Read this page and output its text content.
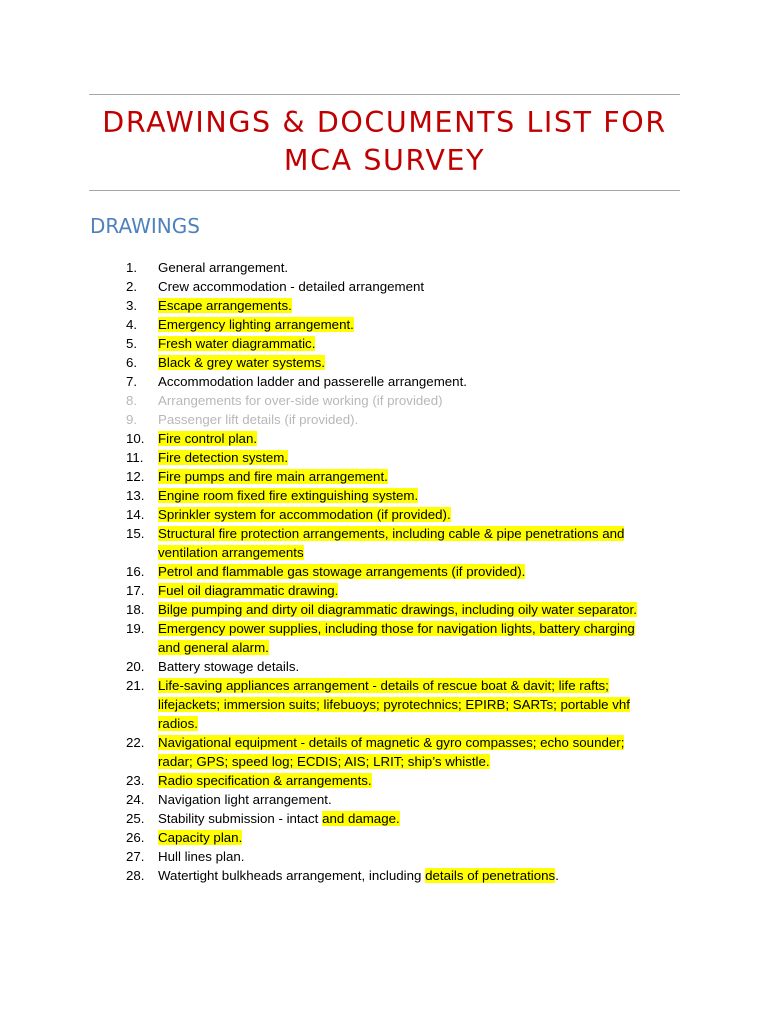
DRAWINGS & DOCUMENTS LIST FOR
MCA SURVEY
DRAWINGS
1.	General arrangement.
2.	Crew accommodation - detailed arrangement
3.	Escape arrangements.
4.	Emergency lighting arrangement.
5.	Fresh water diagrammatic.
6.	Black & grey water systems.
7.	Accommodation ladder and passerelle arrangement.
8.	Arrangements for over-side working (if provided)
9.	Passenger lift details (if provided).
10.	Fire control plan.
11.	Fire detection system.
12.	Fire pumps and fire main arrangement.
13.	Engine room fixed fire extinguishing system.
14.	Sprinkler system for accommodation (if provided).
15.	Structural fire protection arrangements, including cable & pipe penetrations and
ventilation arrangements
16.	Petrol and flammable gas stowage arrangements (if provided).
17.	Fuel oil diagrammatic drawing.
18.	Bilge pumping and dirty oil diagrammatic drawings, including oily water separator.
19.	Emergency power supplies, including those for navigation lights, battery charging
and general alarm.
20.	Battery stowage details.
21.	Life-saving appliances arrangement - details of rescue boat & davit; life rafts;
lifejackets; immersion suits; lifebuoys; pyrotechnics; EPIRB; SARTs; portable vhf
radios.
22.	Navigational equipment - details of magnetic & gyro compasses; echo sounder;
radar; GPS; speed log; ECDIS; AIS; LRIT; ship’s whistle.
23.	Radio specification & arrangements.
24.	Navigation light arrangement.
25.	Stability submission - intact and damage.
26.	Capacity plan.
27.	Hull lines plan.
28.	Watertight bulkheads arrangement, including details of penetrations.
